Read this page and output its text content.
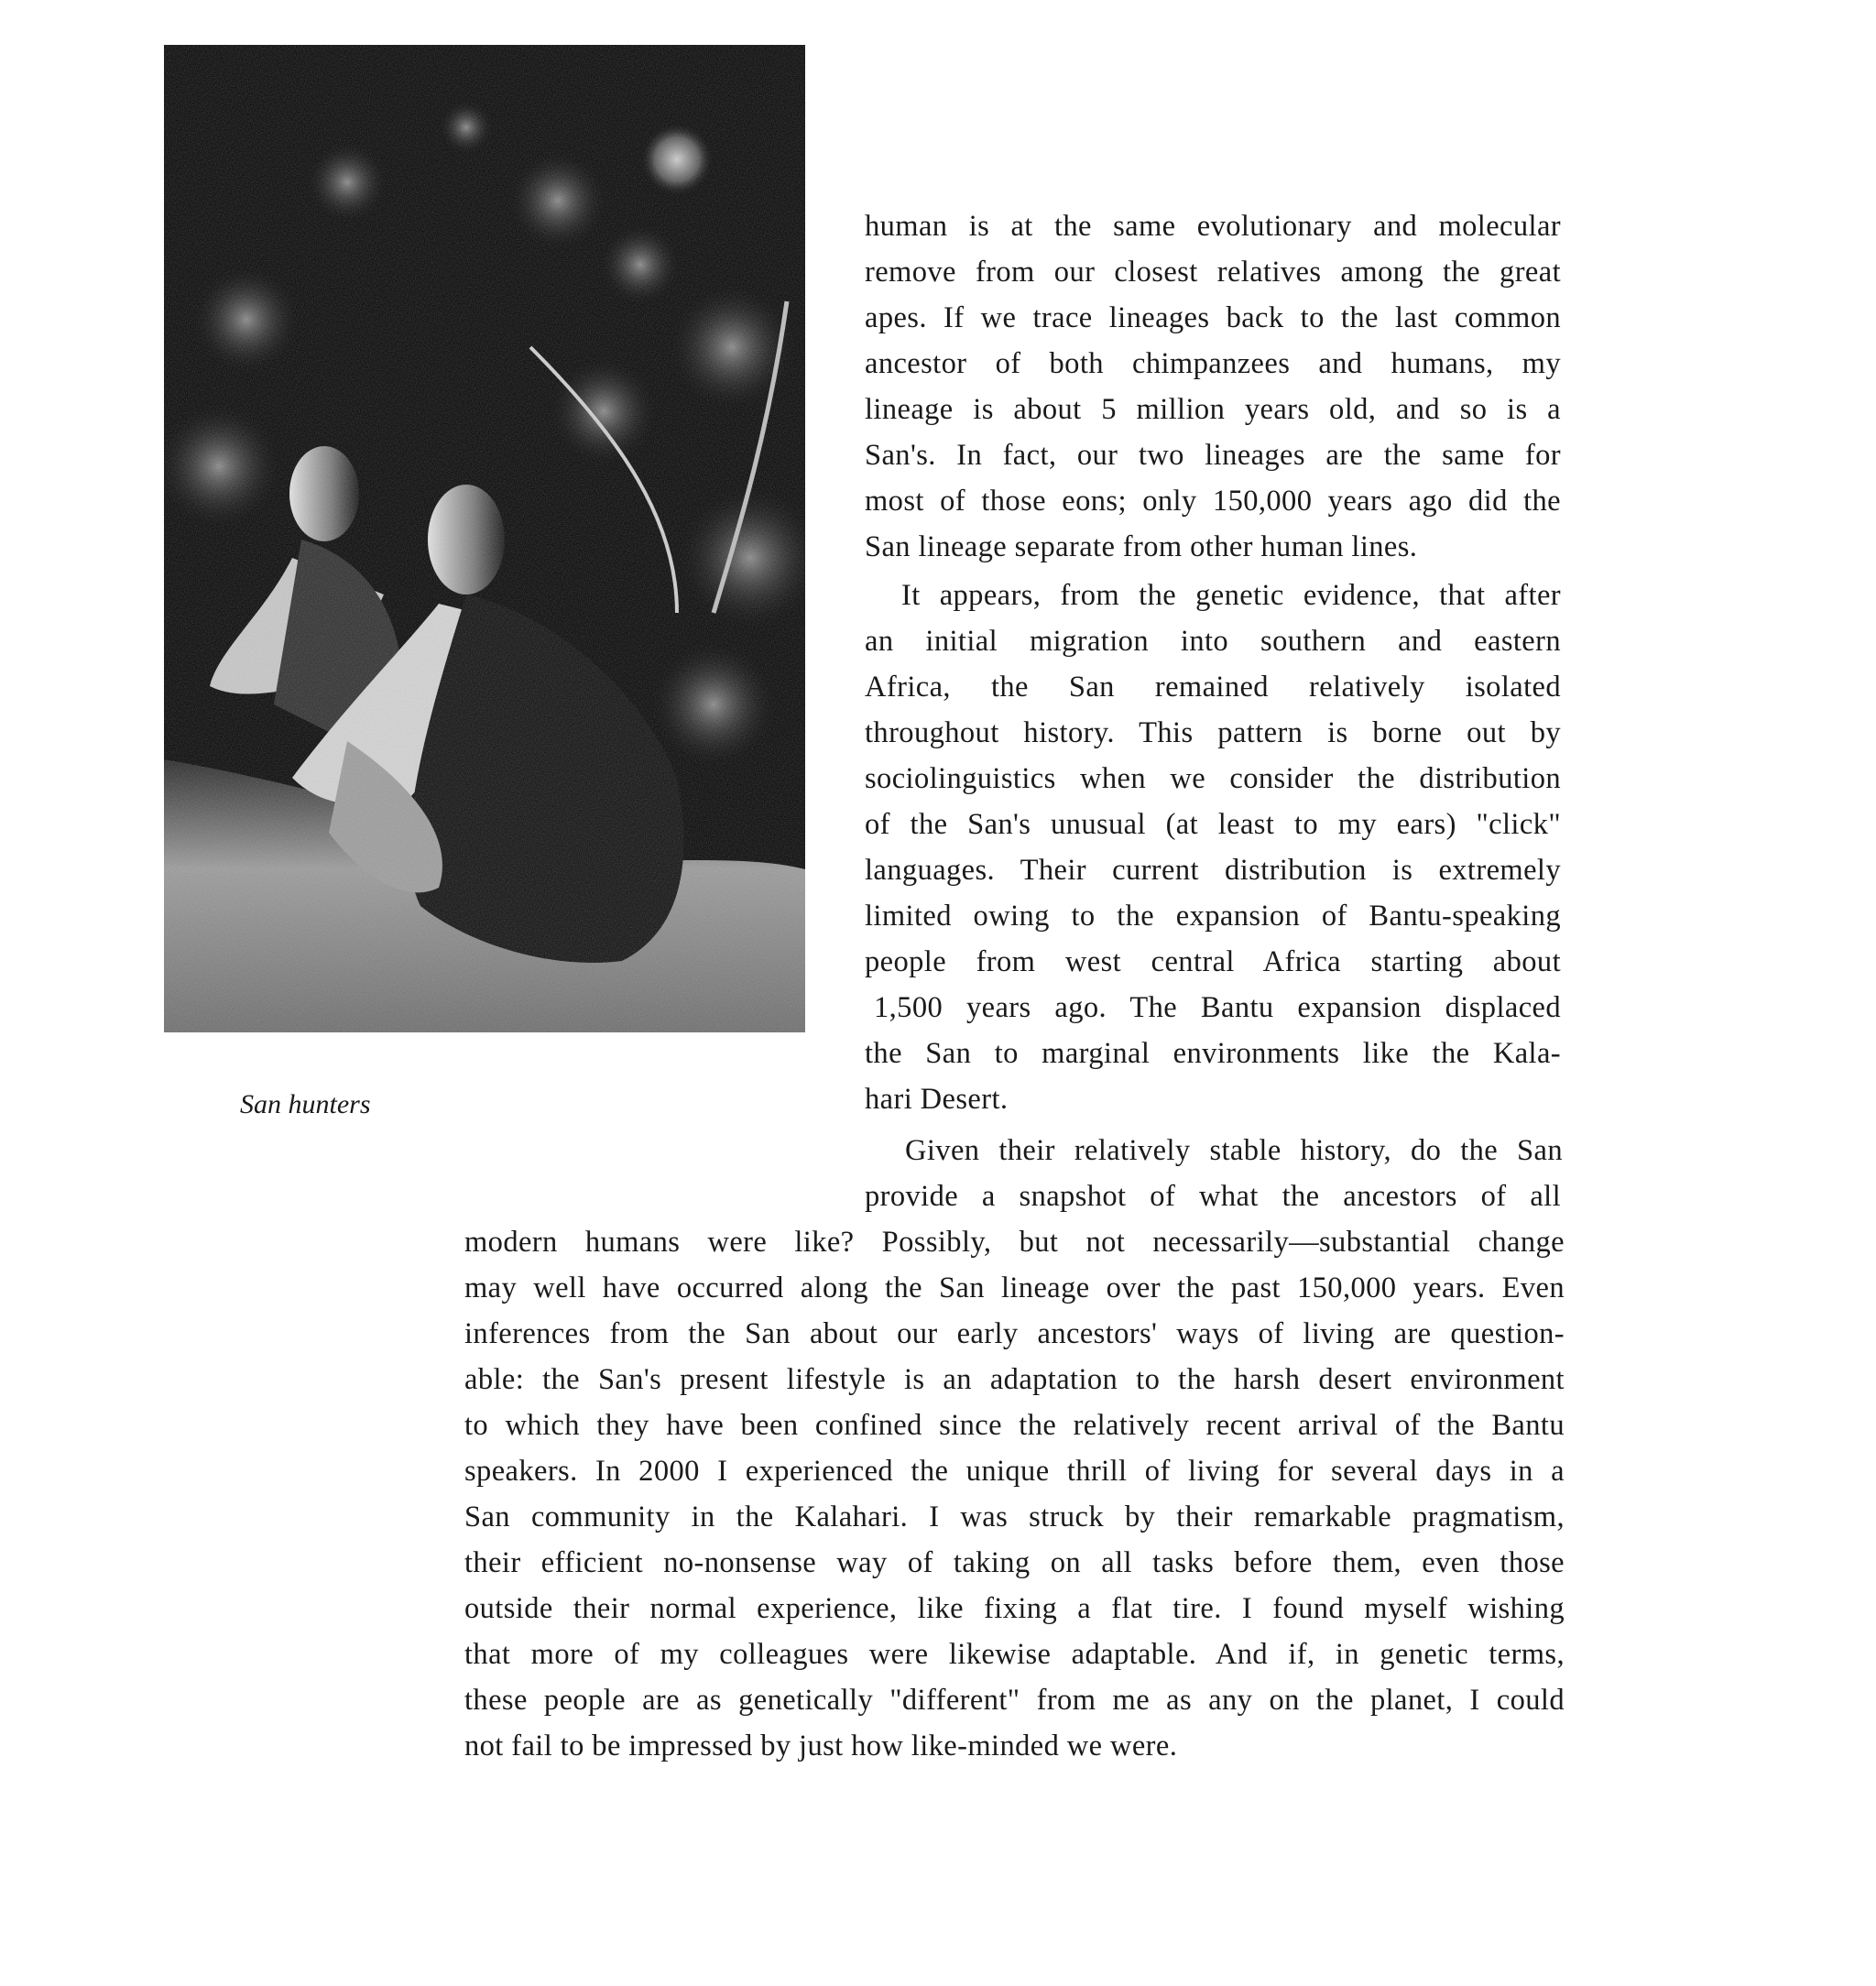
San hunters
human is at the same evolutionary and molecular
remove from our closest relatives among the great
apes. If we trace lineages back to the last common
ancestor of both chimpanzees and humans, my
lineage is about 5 million years old, and so is a
San's. In fact, our two lineages are the same for
most of those eons; only 150,000 years ago did the
San lineage separate from other human lines.
It appears, from the genetic evidence, that after
an initial migration into southern and eastern
Africa, the San remained relatively isolated
throughout history. This pattern is borne out by
sociolinguistics when we consider the distribution
of the San's unusual (at least to my ears) "click"
languages. Their current distribution is extremely
limited owing to the expansion of Bantu-speaking
people from west central Africa starting about
1,500 years ago. The Bantu expansion displaced
the San to marginal environments like the Kala-
hari Desert.
Given their relatively stable history, do the San
provide a snapshot of what the ancestors of all
modern humans were like? Possibly, but not necessarily—substantial change
may well have occurred along the San lineage over the past 150,000 years. Even
inferences from the San about our early ancestors' ways of living are question-
able: the San's present lifestyle is an adaptation to the harsh desert environment
to which they have been confined since the relatively recent arrival of the Bantu
speakers. In 2000 I experienced the unique thrill of living for several days in a
San community in the Kalahari. I was struck by their remarkable pragmatism,
their efficient no-nonsense way of taking on all tasks before them, even those
outside their normal experience, like fixing a flat tire. I found myself wishing
that more of my colleagues were likewise adaptable. And if, in genetic terms,
these people are as genetically "different" from me as any on the planet, I could
not fail to be impressed by just how like-minded we were.
